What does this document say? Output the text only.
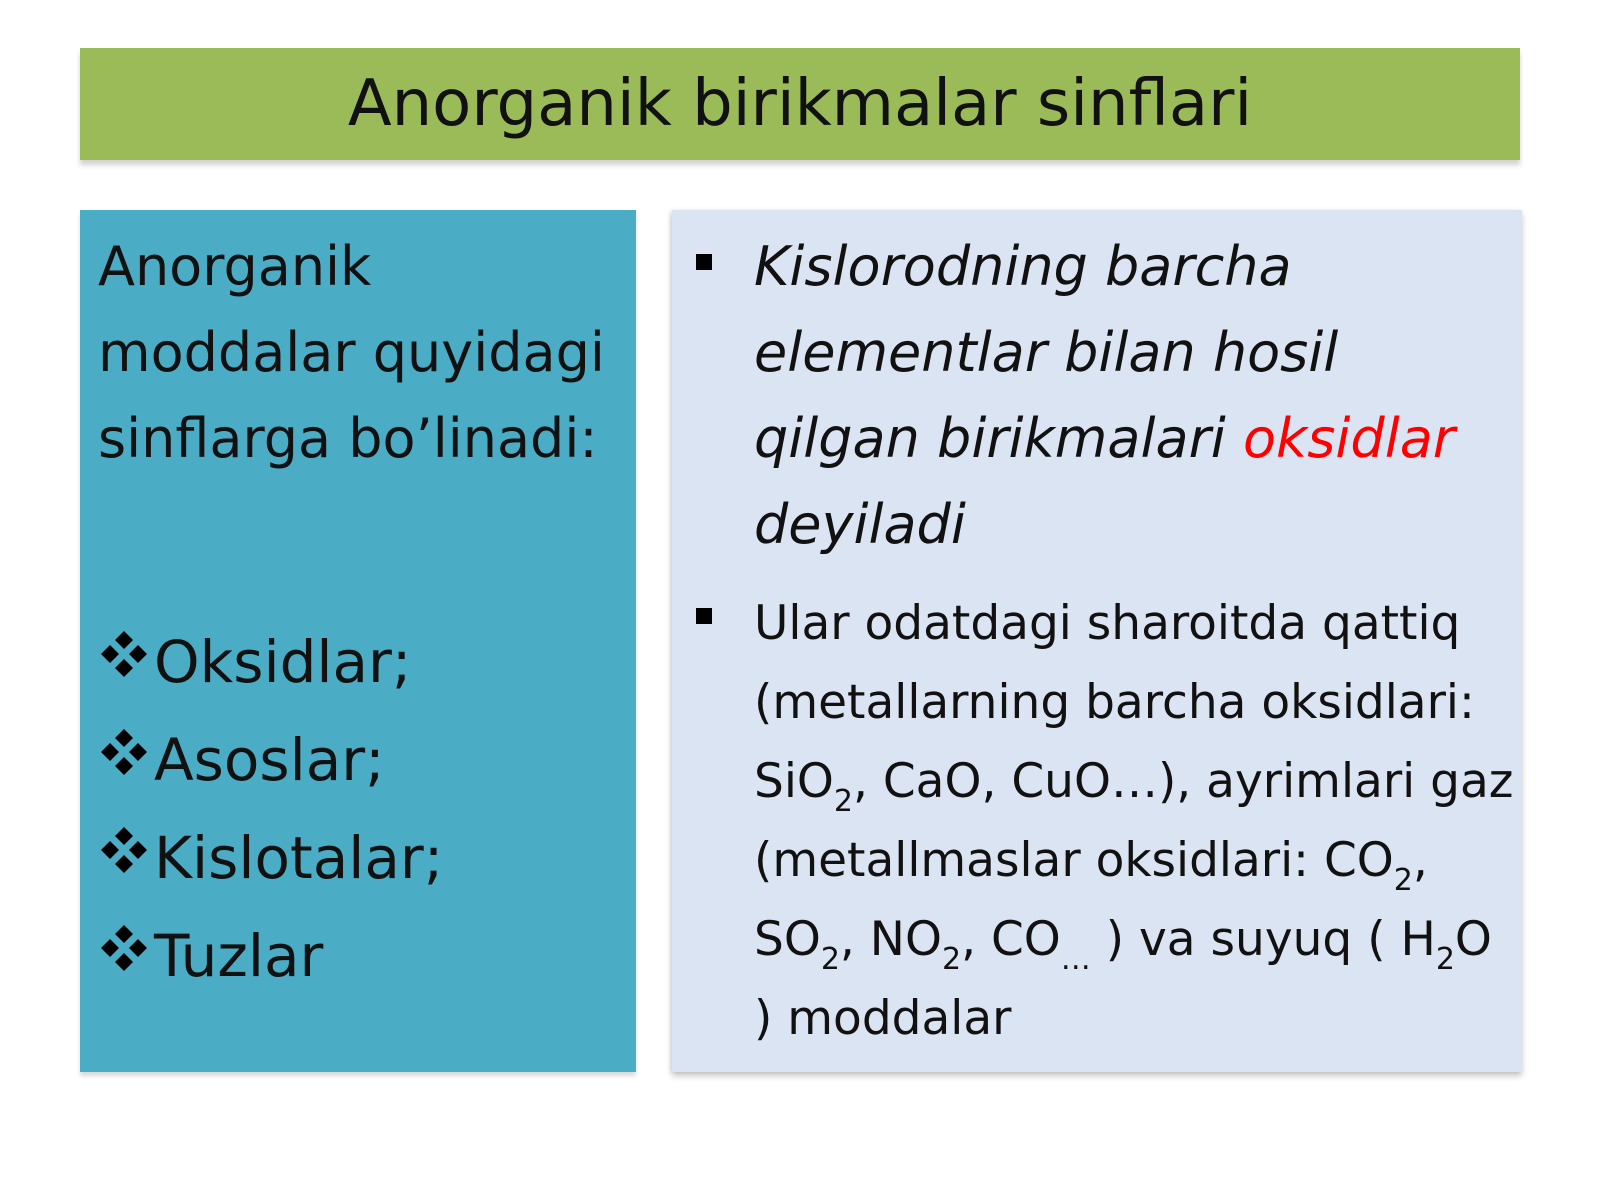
Anorganik birikmalar sinflari

Anorganik moddalar quyidagi sinflarga bo’linadi:

Oksidlar;
Asoslar;
Kislotalar;
Tuzlar

Kislorodning barcha elementlar bilan hosil qilgan birikmalari oksidlar deyiladi

Ular odatdagi sharoitda qattiq (metallarning barcha oksidlari: SiO$_2$, CaO, CuO…), ayrimlari gaz (metallmaslar oksidlari: $CO_2$, $SO_2$, $NO_2$, $CO_\dots$ ) va suyuq ( $H_2O$ ) moddalar
